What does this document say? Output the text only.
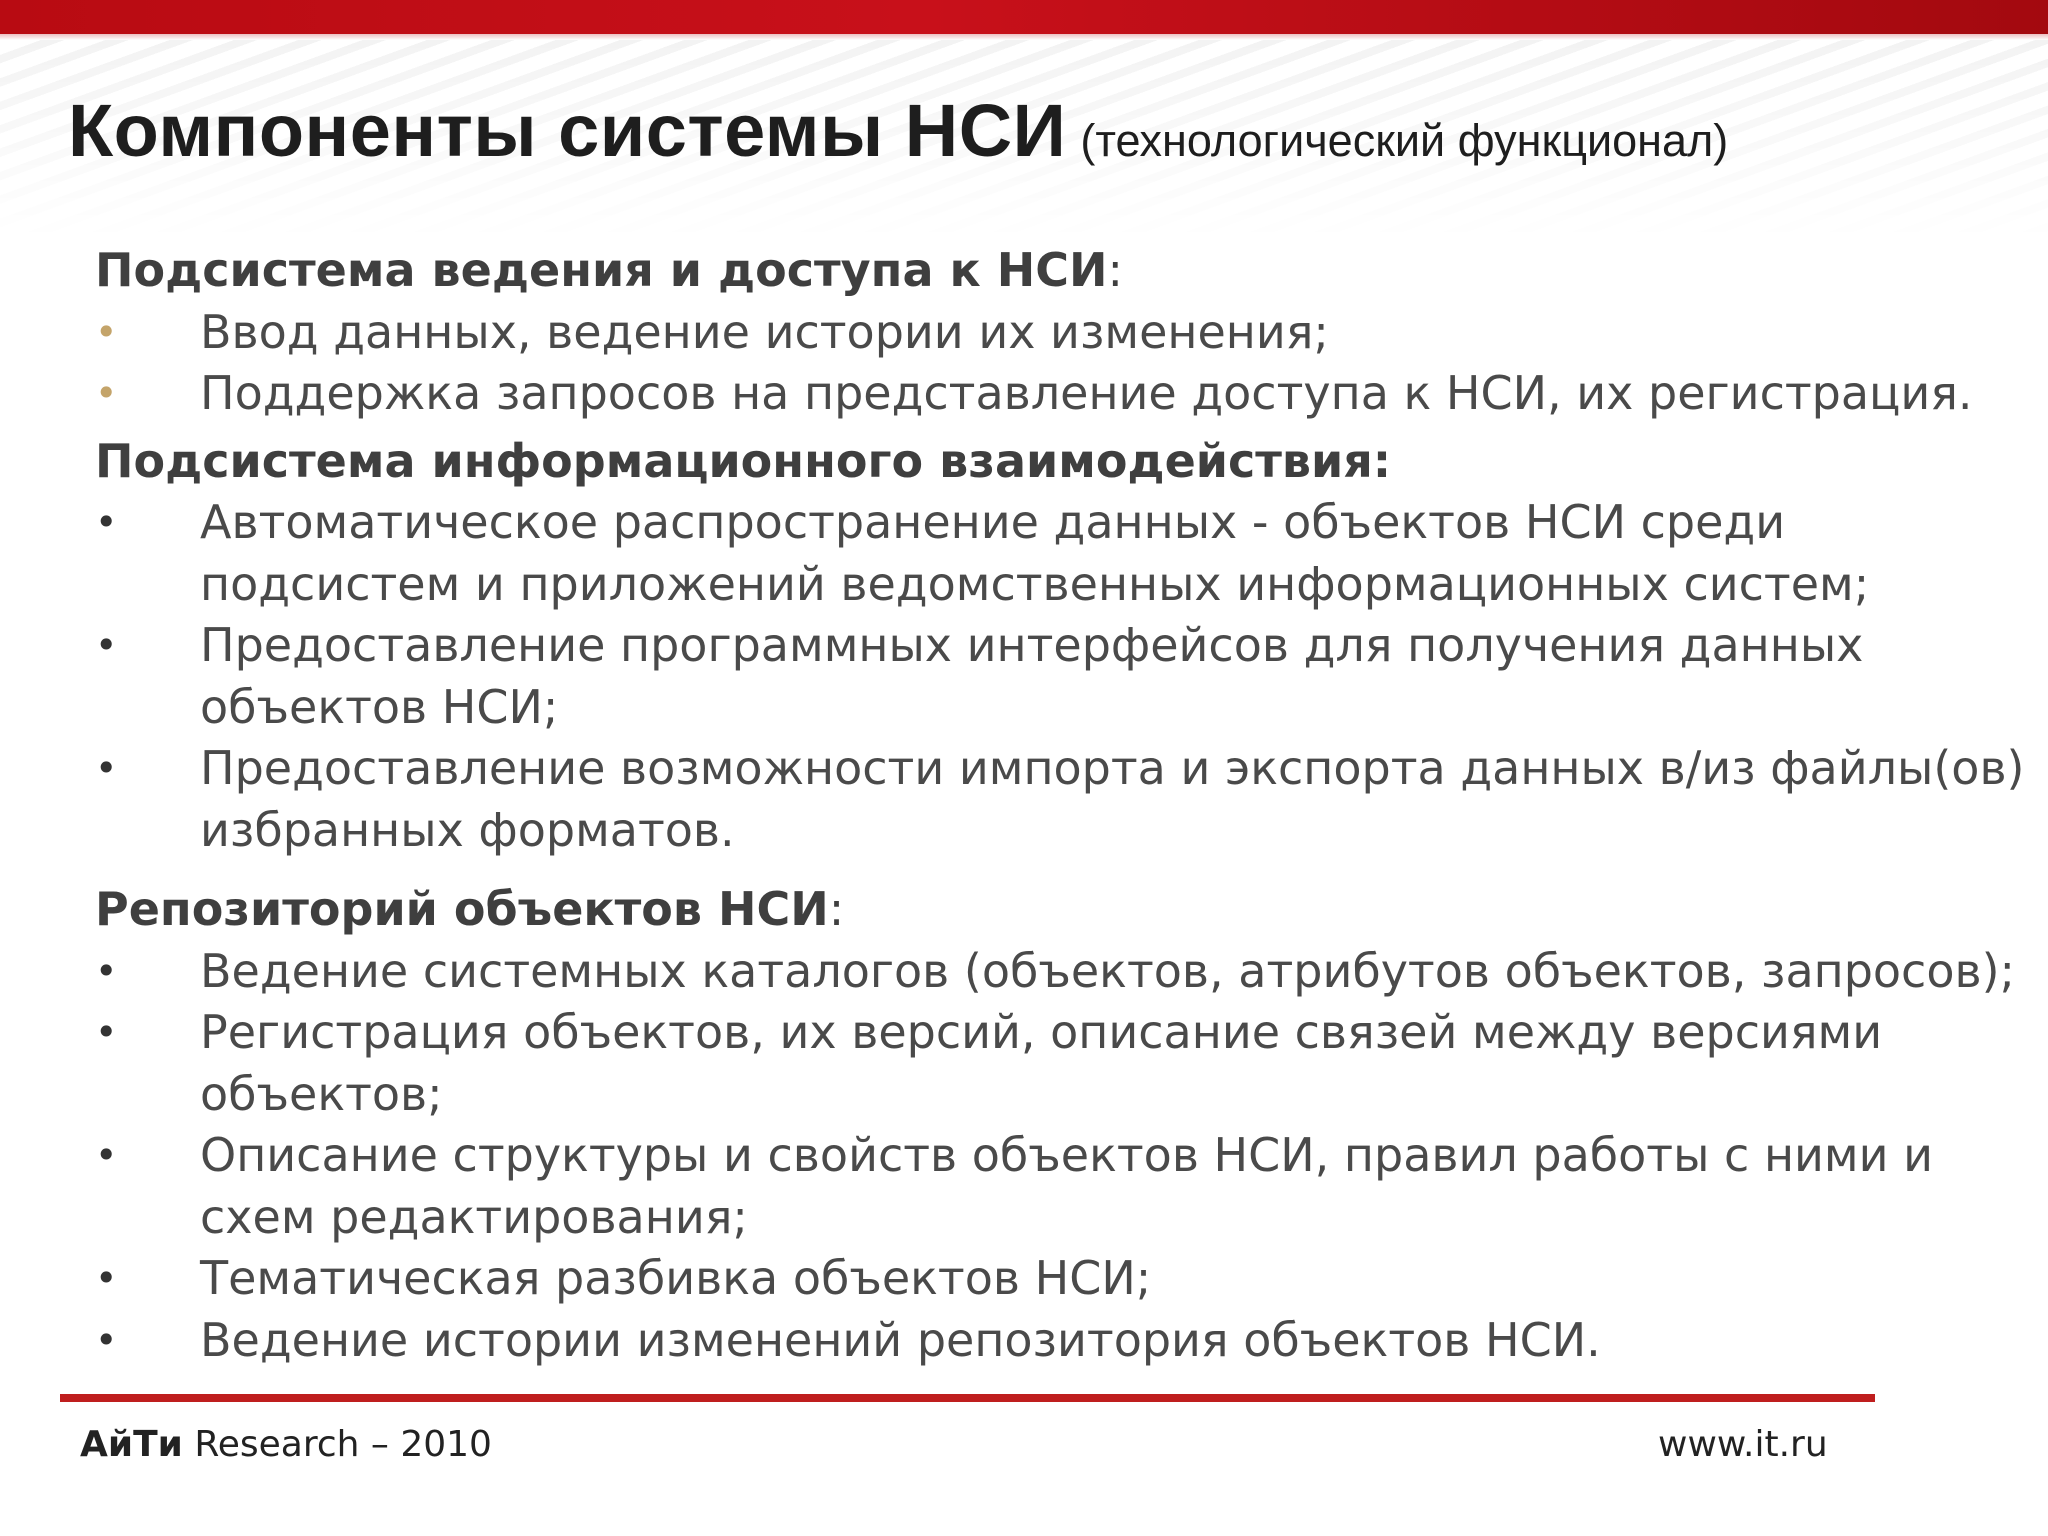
Компоненты системы НСИ (технологический функционал)
Подсистема ведения и доступа к НСИ:
•	Ввод данных, ведение истории их изменения;
•	Поддержка запросов на представление доступа к НСИ, их регистрация.
Подсистема информационного взаимодействия:
•	Автоматическое распространение данных - объектов НСИ среди подсистем и приложений ведомственных информационных систем;
•	Предоставление программных интерфейсов для получения данных объектов НСИ;
•	Предоставление возможности импорта и экспорта данных в/из файлы(ов) избранных форматов.
Репозиторий объектов НСИ:
•	Ведение системных каталогов (объектов, атрибутов объектов, запросов);
•	Регистрация объектов, их версий, описание связей между версиями объектов;
•	Описание структуры и свойств объектов НСИ, правил работы с ними и схем редактирования;
•	Тематическая разбивка объектов НСИ;
•	Ведение истории изменений репозитория объектов НСИ.
АйТи Research – 2010	www.it.ru
